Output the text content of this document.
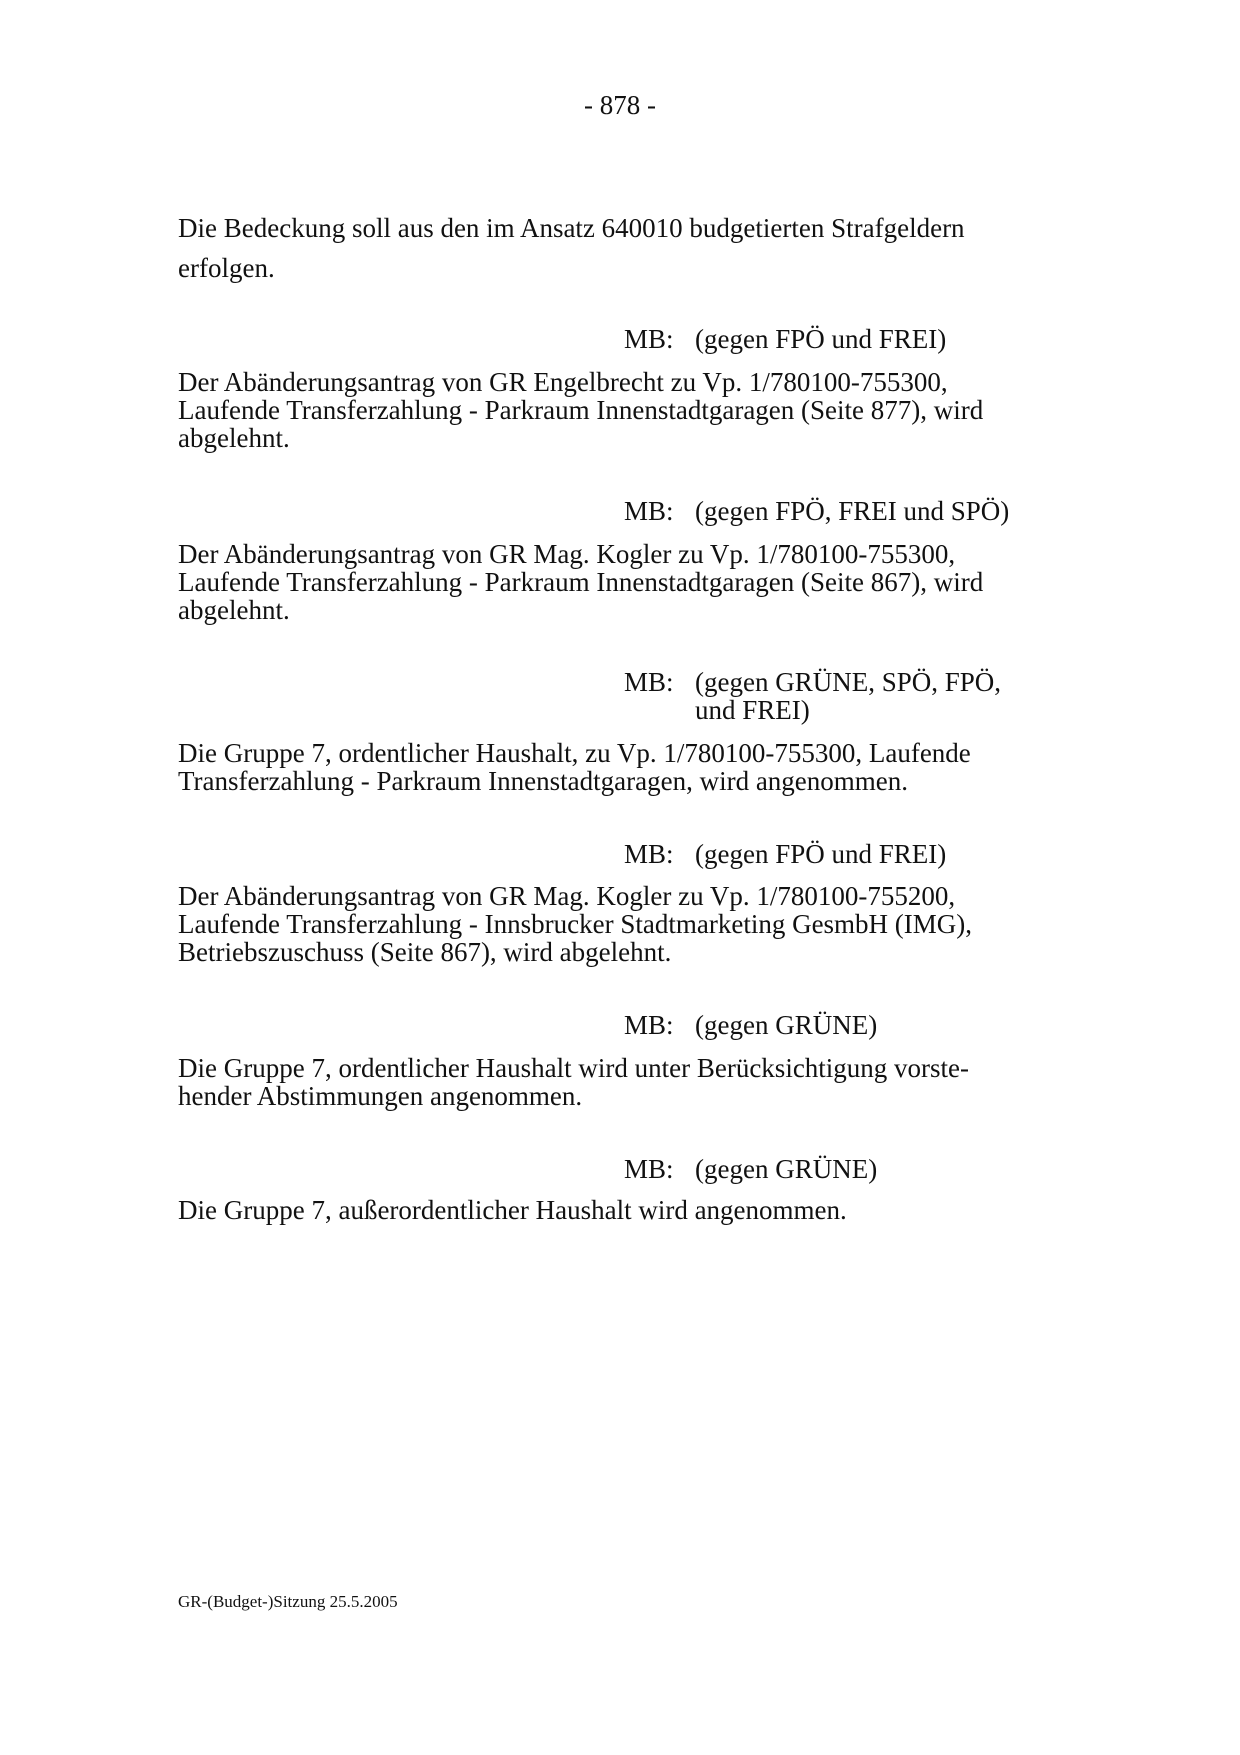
- 878 -
Die Bedeckung soll aus den im Ansatz 640010 budgetierten Strafgeldern
erfolgen.
MB: (gegen FPÖ und FREI)
Der Abänderungsantrag von GR Engelbrecht zu Vp. 1/780100-755300,
Laufende Transferzahlung - Parkraum Innenstadtgaragen (Seite 877), wird
abgelehnt.
MB: (gegen FPÖ, FREI und SPÖ)
Der Abänderungsantrag von GR Mag. Kogler zu Vp. 1/780100-755300,
Laufende Transferzahlung - Parkraum Innenstadtgaragen (Seite 867), wird
abgelehnt.
MB: (gegen GRÜNE, SPÖ, FPÖ,
und FREI)
Die Gruppe 7, ordentlicher Haushalt, zu Vp. 1/780100-755300, Laufende
Transferzahlung - Parkraum Innenstadtgaragen, wird angenommen.
MB: (gegen FPÖ und FREI)
Der Abänderungsantrag von GR Mag. Kogler zu Vp. 1/780100-755200,
Laufende Transferzahlung - Innsbrucker Stadtmarketing GesmbH (IMG),
Betriebszuschuss (Seite 867), wird abgelehnt.
MB: (gegen GRÜNE)
Die Gruppe 7, ordentlicher Haushalt wird unter Berücksichtigung vorste-
hender Abstimmungen angenommen.
MB: (gegen GRÜNE)
Die Gruppe 7, außerordentlicher Haushalt wird angenommen.
GR-(Budget-)Sitzung 25.5.2005
